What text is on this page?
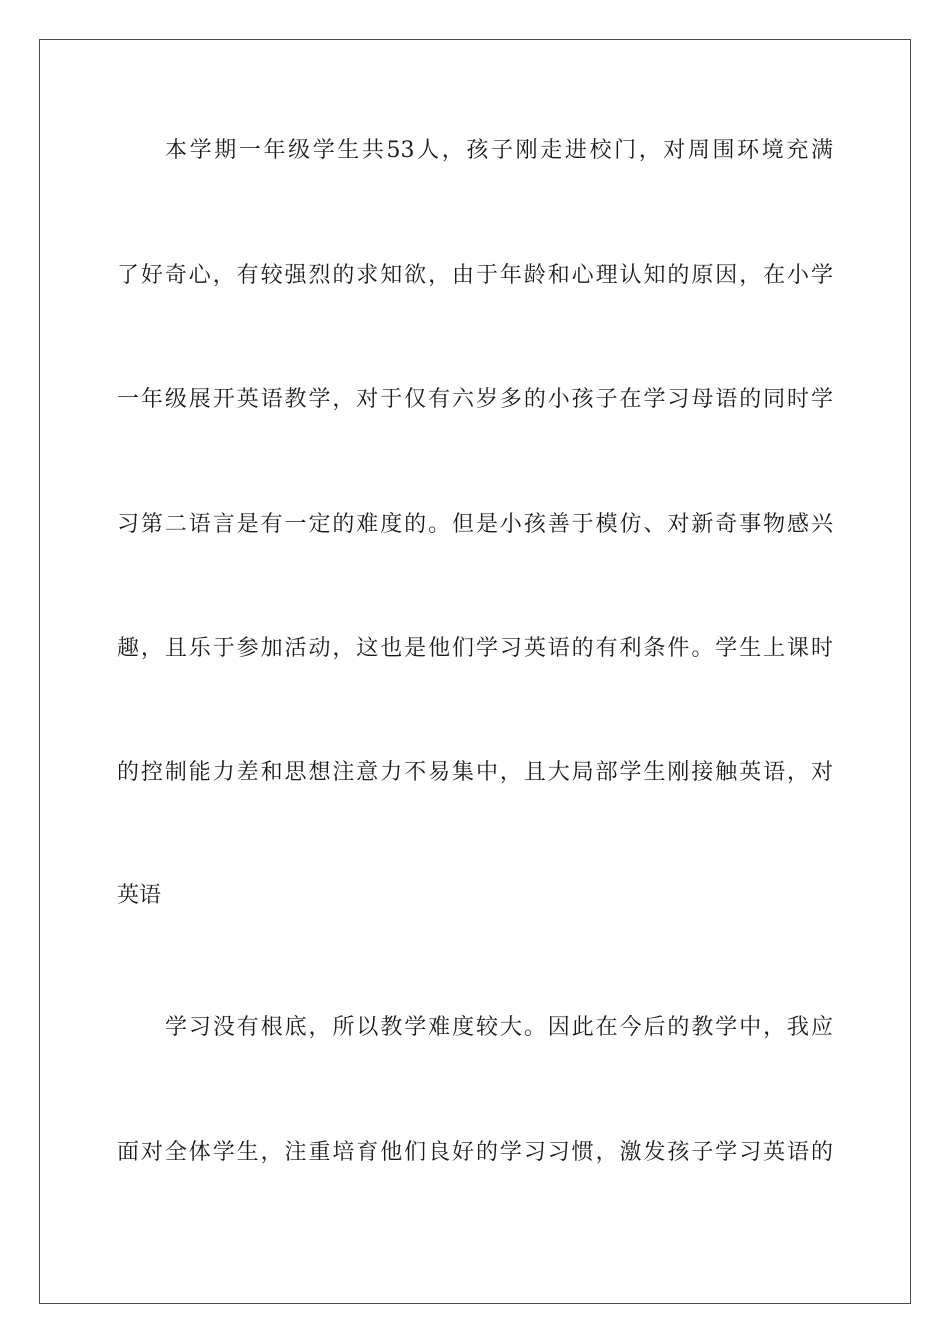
本学期一年级学生共53人，孩子刚走进校门，对周围环境充满
了好奇心，有较强烈的求知欲，由于年龄和心理认知的原因，在小学
一年级展开英语教学，对于仅有六岁多的小孩子在学习母语的同时学
习第二语言是有一定的难度的。但是小孩善于模仿、对新奇事物感兴
趣，且乐于参加活动，这也是他们学习英语的有利条件。学生上课时
的控制能力差和思想注意力不易集中，且大局部学生刚接触英语，对
英语
学习没有根底，所以教学难度较大。因此在今后的教学中，我应
面对全体学生，注重培育他们良好的学习习惯，激发孩子学习英语的
